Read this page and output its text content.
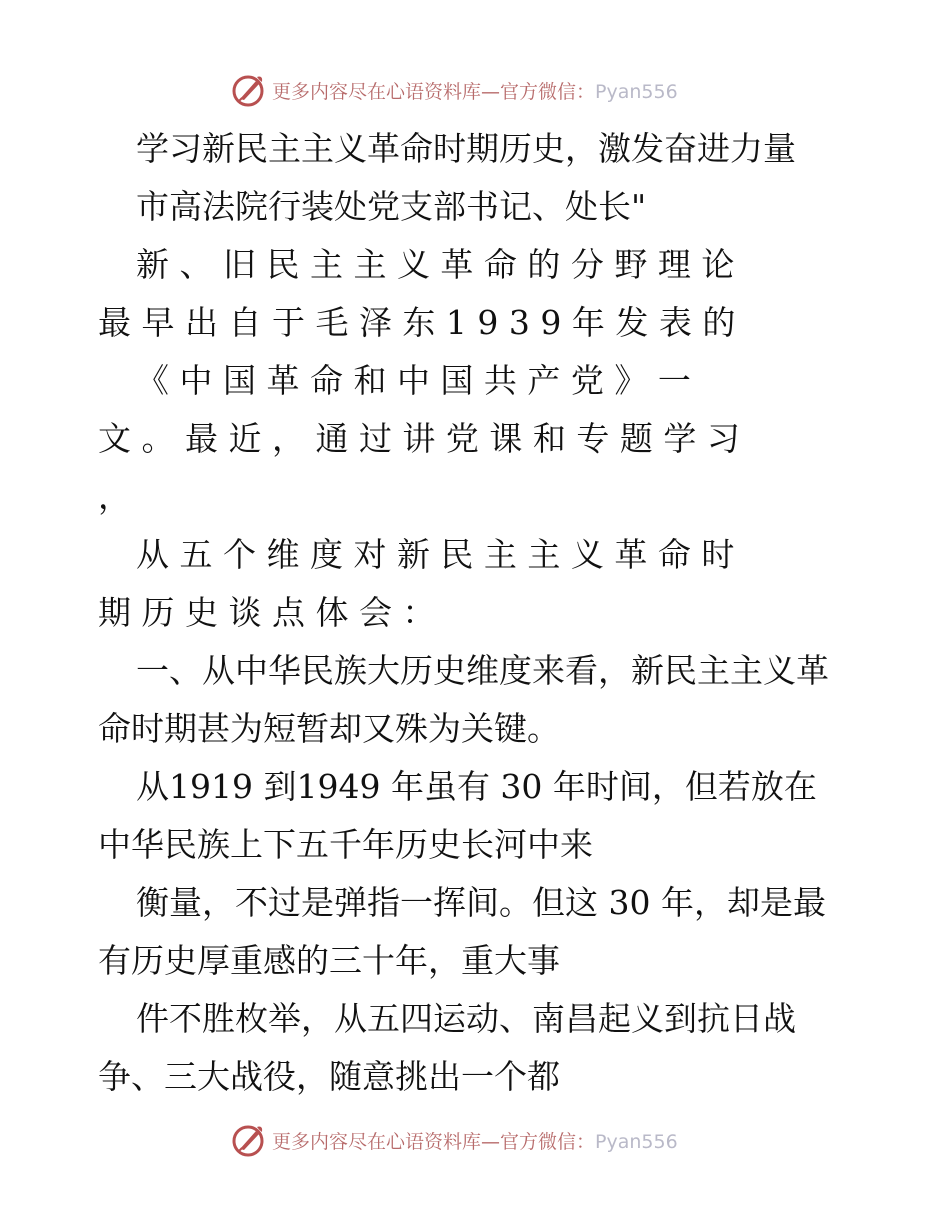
更多内容尽在心语资料库—官方微信：Pyan556
学习新民主主义革命时期历史，激发奋进力量
市高法院行装处党支部书记、处长"
新 、 旧 民 主 主 义 革 命 的 分 野 理 论
最 早 出 自 于 毛 泽 东 1 9 3 9 年 发 表 的
《 中 国 革 命 和 中 国 共 产 党 》 一
文 。 最 近 ， 通 过 讲 党 课 和 专 题 学 习
，
从 五 个 维 度 对 新 民 主 主 义 革 命 时
期 历 史 谈 点 体 会 ：
一、从中华民族大历史维度来看，新民主主义革
命时期甚为短暂却又殊为关键。
从1919 到1949 年虽有 30 年时间，但若放在
中华民族上下五千年历史长河中来
衡量，不过是弹指一挥间。但这 30 年，却是最
有历史厚重感的三十年，重大事
件不胜枚举，从五四运动、南昌起义到抗日战
争、三大战役，随意挑出一个都
更多内容尽在心语资料库—官方微信：Pyan556
